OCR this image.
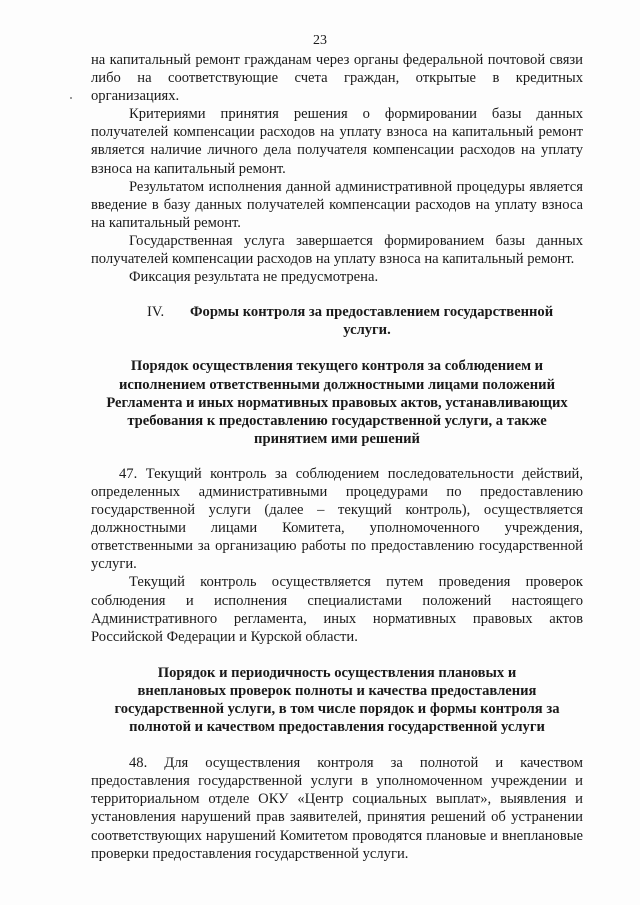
23

на капитальный ремонт гражданам через органы федеральной почтовой связи либо на соответствующие счета граждан, открытые в кредитных организациях.

Критериями принятия решения о формировании базы данных получателей компенсации расходов на уплату взноса на капитальный ремонт является наличие личного дела получателя компенсации расходов на уплату взноса на капитальный ремонт.

Результатом исполнения данной административной процедуры является введение в базу данных получателей компенсации расходов на уплату взноса на капитальный ремонт.

Государственная услуга завершается формированием базы данных получателей компенсации расходов на уплату взноса на капитальный ремонт.

Фиксация результата не предусмотрена.

IV.	Формы контроля за предоставлением государственной
услуги.
Порядок осуществления текущего контроля за соблюдением и
исполнением ответственными должностными лицами положений
Регламента и иных нормативных правовых актов, устанавливающих
требования к предоставлению государственной услуги, а также
принятием ими решений

47. Текущий контроль за соблюдением последовательности действий, определенных административными процедурами по предоставлению государственной услуги (далее – текущий контроль), осуществляется должностными лицами Комитета, уполномоченного учреждения, ответственными за организацию работы по предоставлению государственной услуги.

Текущий контроль осуществляется путем проведения проверок соблюдения и исполнения специалистами положений настоящего Административного регламента, иных нормативных правовых актов Российской Федерации и Курской области.

Порядок и периодичность осуществления плановых и
внеплановых проверок полноты и качества предоставления
государственной услуги, в том числе порядок и формы контроля за
полнотой и качеством предоставления государственной услуги

48. Для осуществления контроля за полнотой и качеством предоставления государственной услуги в уполномоченном учреждении и территориальном отделе ОКУ «Центр социальных выплат», выявления и установления нарушений прав заявителей, принятия решений об устранении соответствующих нарушений Комитетом проводятся плановые и внеплановые проверки предоставления государственной услуги.
